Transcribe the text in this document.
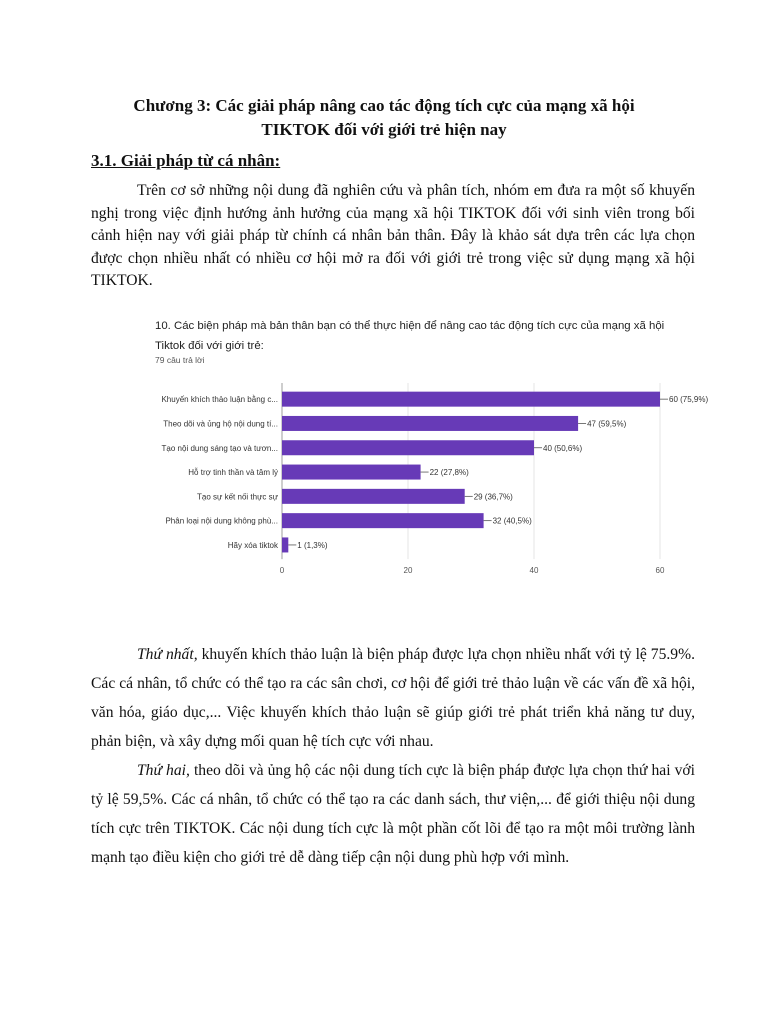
Chương 3: Các giải pháp nâng cao tác động tích cực của mạng xã hội
TIKTOK đối với giới trẻ hiện nay
3.1. Giải pháp từ cá nhân:

Trên cơ sở những nội dung đã nghiên cứu và phân tích, nhóm em đưa ra một số khuyến nghị trong việc định hướng ảnh hưởng của mạng xã hội TIKTOK đối với sinh viên trong bối cảnh hiện nay với giải pháp từ chính cá nhân bản thân. Đây là khảo sát dựa trên các lựa chọn được chọn nhiều nhất có nhiều cơ hội mở ra đối với giới trẻ trong việc sử dụng mạng xã hội TIKTOK.

10. Các biện pháp mà bản thân bạn có thể thực hiện để nâng cao tác động tích cực của mạng xã hội Tiktok đối với giới trẻ:
79 câu trả lời
Khuyến khích thảo luận bằng c...	60 (75,9%)
Theo dõi và ủng hộ nội dung tí...	47 (59,5%)
Tạo nội dung sáng tạo và tươn...	40 (50,6%)
Hỗ trợ tinh thần và tâm lý	22 (27,8%)
Tạo sự kết nối thực sự	29 (36,7%)
Phân loại nội dung không phù...	32 (40,5%)
Hãy xóa tiktok 1 (1,3%)
0	20	40	60

Thứ nhất, khuyến khích thảo luận là biện pháp được lựa chọn nhiều nhất với tỷ lệ 75.9%. Các cá nhân, tổ chức có thể tạo ra các sân chơi, cơ hội để giới trẻ thảo luận về các vấn đề xã hội, văn hóa, giáo dục,... Việc khuyến khích thảo luận sẽ giúp giới trẻ phát triển khả năng tư duy, phản biện, và xây dựng mối quan hệ tích cực với nhau.

Thứ hai, theo dõi và ủng hộ các nội dung tích cực là biện pháp được lựa chọn thứ hai với tỷ lệ 59,5%. Các cá nhân, tổ chức có thể tạo ra các danh sách, thư viện,... để giới thiệu nội dung tích cực trên TIKTOK. Các nội dung tích cực là một phần cốt lõi để tạo ra một môi trường lành mạnh tạo điều kiện cho giới trẻ dễ dàng tiếp cận nội dung phù hợp với mình.
